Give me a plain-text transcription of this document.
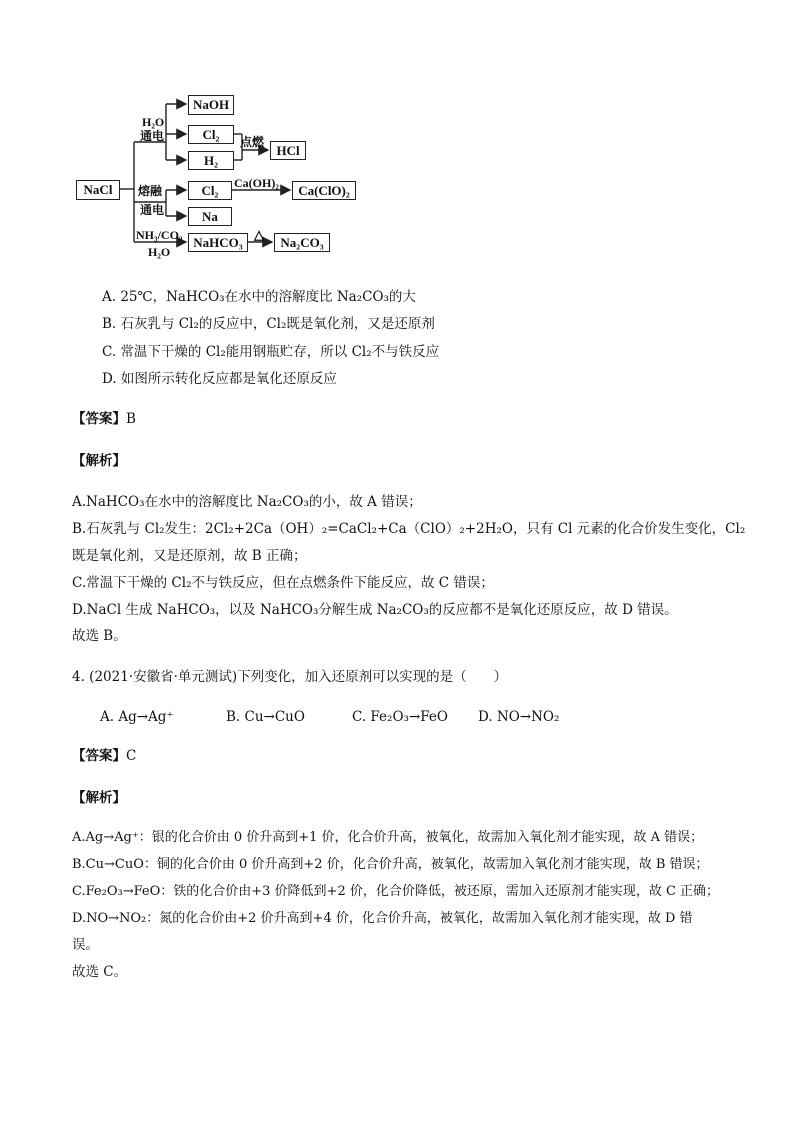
NaCl
H₂O
通电
NaOH
Cl₂
H₂
点燃
HCl
熔融
通电
Cl₂
Na
Ca(OH)₂	Ca(ClO)₂
NH₃/CO₂
H₂O
NaHCO₃
△
Na₂CO₃
A. 25℃，NaHCO₃在水中的溶解度比 Na₂CO₃的大
B. 石灰乳与 Cl₂的反应中，Cl₂既是氧化剂，又是还原剂
C. 常温下干燥的 Cl₂能用钢瓶贮存，所以 Cl₂不与铁反应
D. 如图所示转化反应都是氧化还原反应
【答案】B
【解析】
A.NaHCO₃在水中的溶解度比 Na₂CO₃的小，故 A 错误；
B.石灰乳与 Cl₂发生：2Cl₂+2Ca（OH）₂=CaCl₂+Ca（ClO）₂+2H₂O，只有 Cl 元素的化合价发生变化，Cl₂
既是氧化剂，又是还原剂，故 B 正确；
C.常温下干燥的 Cl₂不与铁反应，但在点燃条件下能反应，故 C 错误；
D.NaCl 生成 NaHCO₃，以及 NaHCO₃分解生成 Na₂CO₃的反应都不是氧化还原反应，故 D 错误。
故选 B。
4. (2021·安徽省·单元测试)下列变化，加入还原剂可以实现的是（　　）
A. Ag→Ag⁺	B. Cu→CuO	C. Fe₂O₃→FeO D. NO→NO₂
【答案】C
【解析】
A.Ag→Ag⁺：银的化合价由 0 价升高到+1 价，化合价升高，被氧化，故需加入氧化剂才能实现，故 A 错误；
B.Cu→CuO：铜的化合价由 0 价升高到+2 价，化合价升高，被氧化，故需加入氧化剂才能实现，故 B 错误；
C.Fe₂O₃→FeO：铁的化合价由+3 价降低到+2 价，化合价降低，被还原，需加入还原剂才能实现，故 C 正确；
D.NO→NO₂：氮的化合价由+2 价升高到+4 价，化合价升高，被氧化，故需加入氧化剂才能实现，故 D 错
误。
故选 C。
